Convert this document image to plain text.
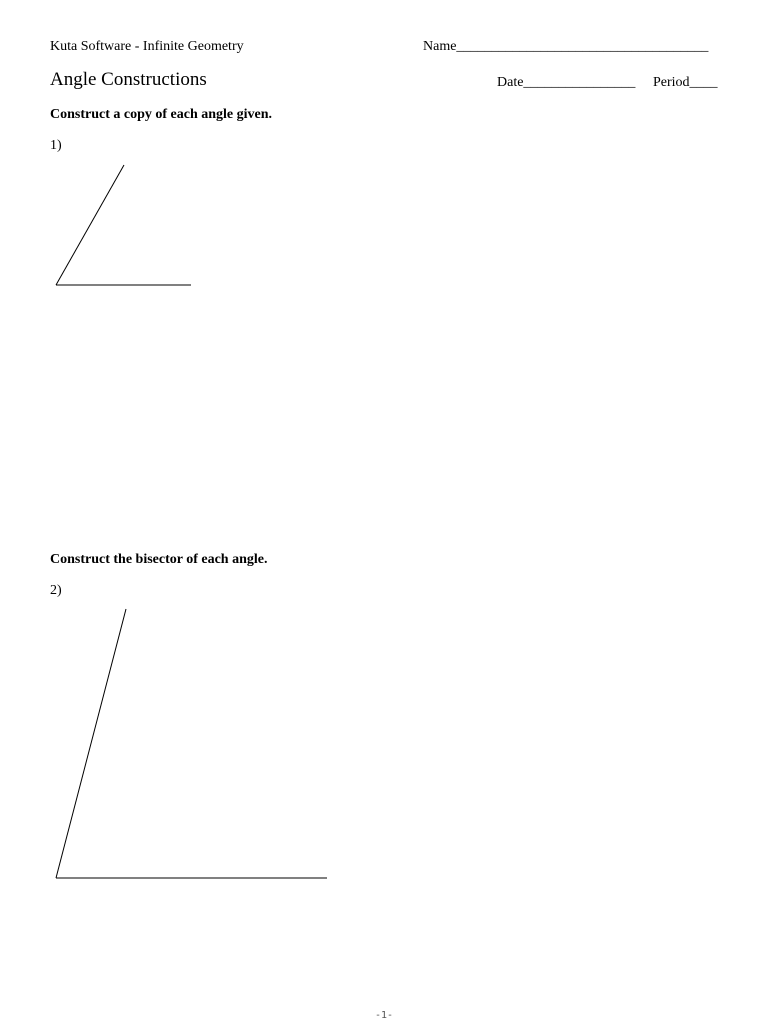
Kuta Software - Infinite Geometry	Name____________________________________
Angle Constructions	Date________________ Period____
Construct a copy of each angle given.
1)
Construct the bisector of each angle.
2)
-1-
